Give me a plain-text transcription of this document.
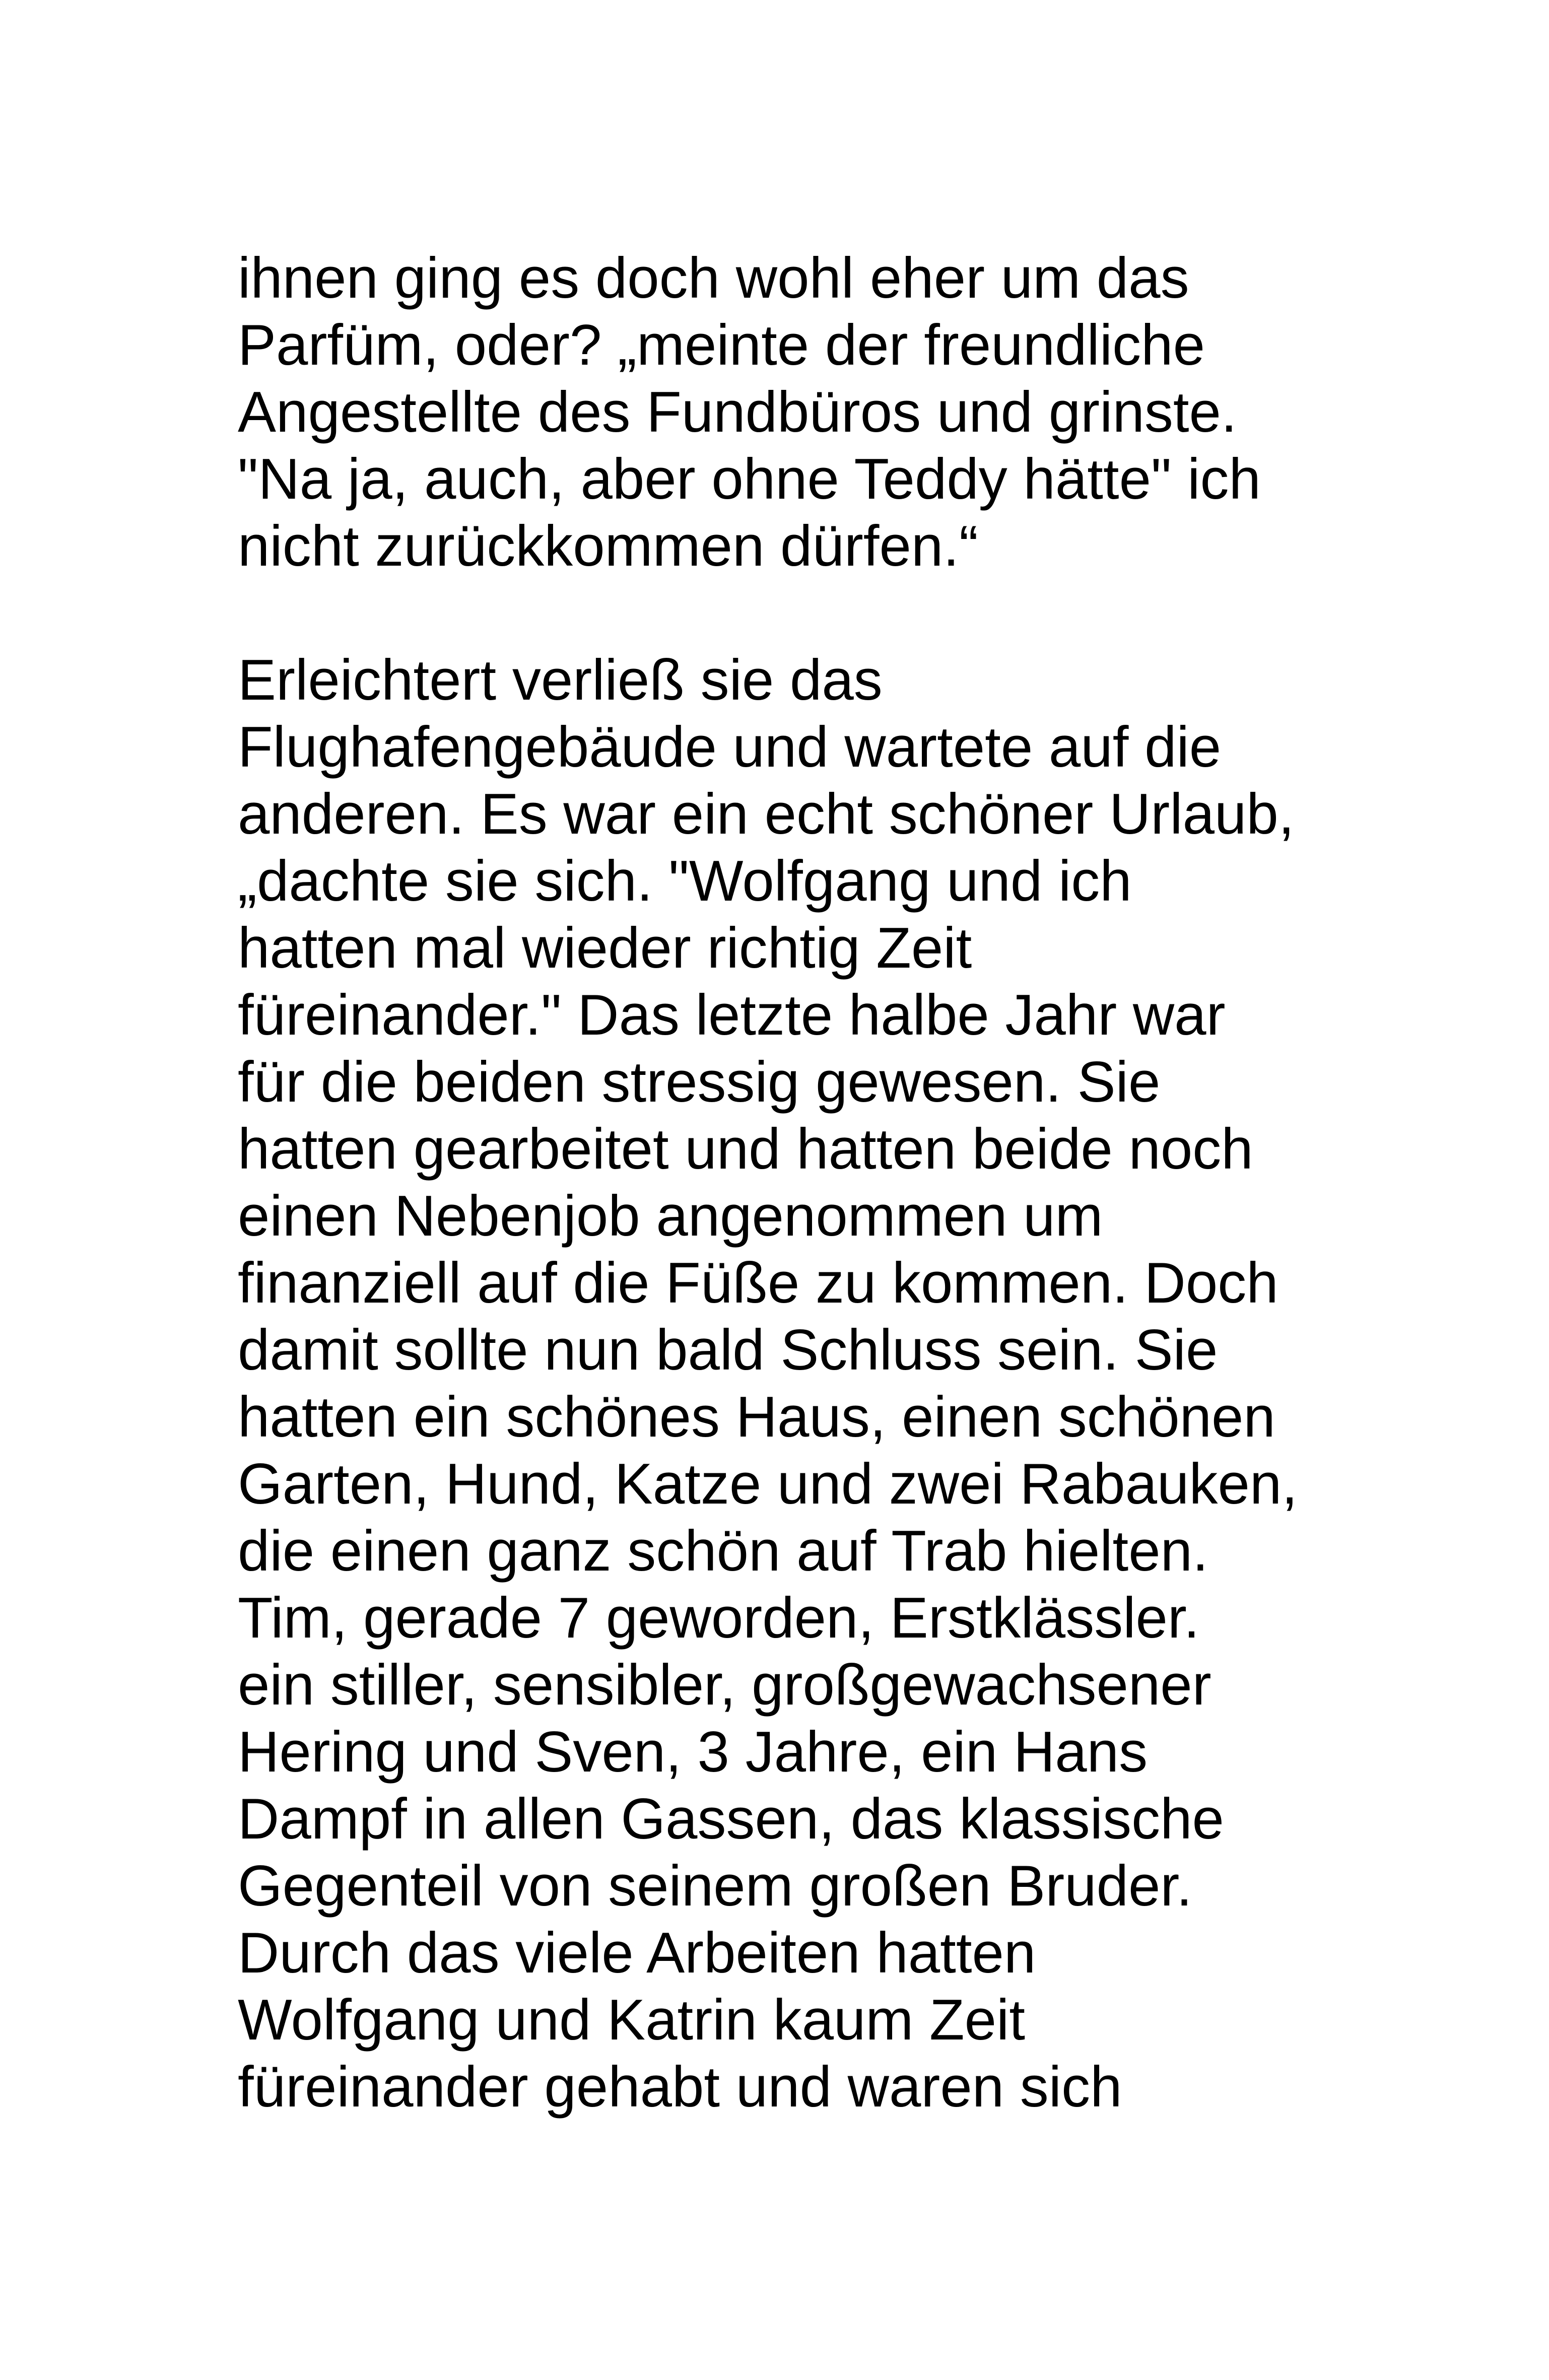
ihnen ging es doch wohl eher um das
Parfüm, oder? „meinte der freundliche
Angestellte des Fundbüros und grinste.
"Na ja, auch, aber ohne Teddy hätte" ich
nicht zurückkommen dürfen.“
Erleichtert verließ sie das
Flughafengebäude und wartete auf die
anderen. Es war ein echt schöner Urlaub,
„dachte sie sich. "Wolfgang und ich
hatten mal wieder richtig Zeit
füreinander." Das letzte halbe Jahr war
für die beiden stressig gewesen. Sie
hatten gearbeitet und hatten beide noch
einen Nebenjob angenommen um
finanziell auf die Füße zu kommen. Doch
damit sollte nun bald Schluss sein. Sie
hatten ein schönes Haus, einen schönen
Garten, Hund, Katze und zwei Rabauken,
die einen ganz schön auf Trab hielten.
Tim, gerade 7 geworden, Erstklässler.
ein stiller, sensibler, großgewachsener
Hering und Sven, 3 Jahre, ein Hans
Dampf in allen Gassen, das klassische
Gegenteil von seinem großen Bruder.
Durch das viele Arbeiten hatten
Wolfgang und Katrin kaum Zeit
füreinander gehabt und waren sich
